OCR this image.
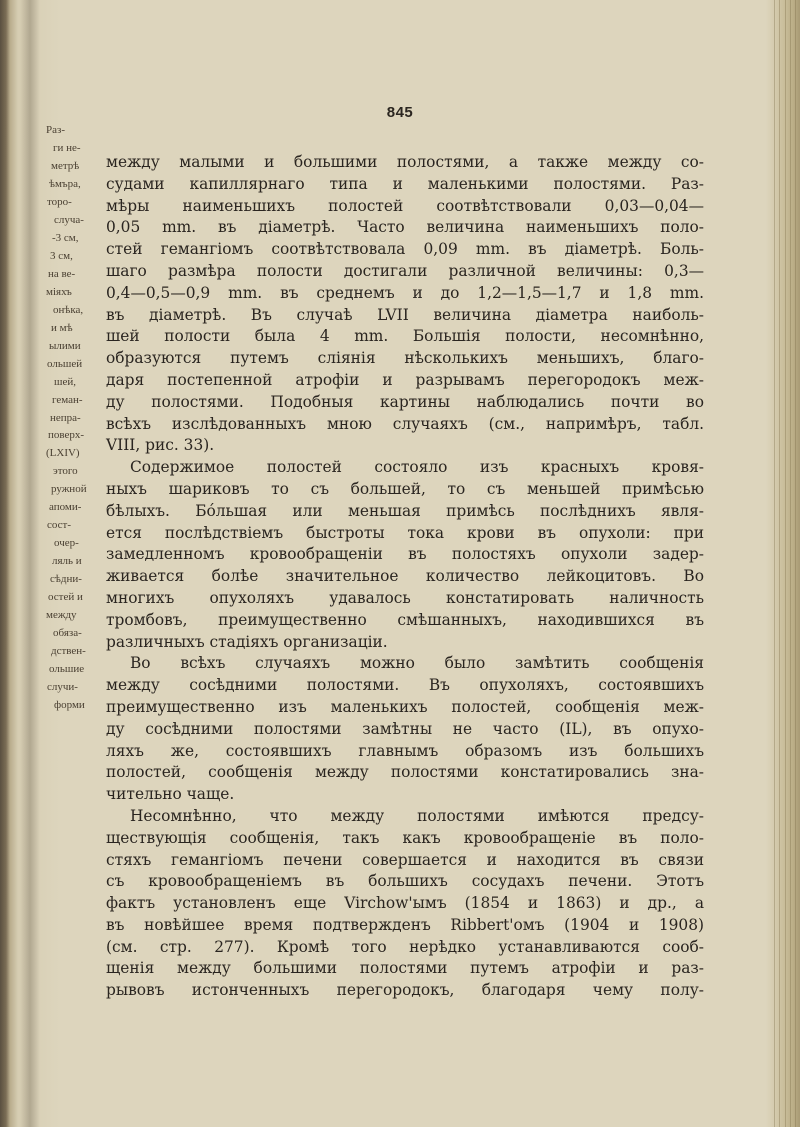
Раз-
ги не-
метрѣ
ѣмъра,
торо-
случа-
-3 см,
3 см,
на ве-
міяхъ
онѣка,
и мѣ
ылими
ольшей
шей,
геман-
непра-
поверх-
(LXIV)
этого
ружной
апоми-
сост-
очер-
ляль и
сѣдни-
остей и
между
обяза-
дствен-
ольшие
случи-
форми
845
между малыми и большими полостями, а также между со-
судами капиллярнаго типа и маленькими полостями. Раз-
мѣры наименьшихъ полостей соотвѣтствовали 0,03—0,04—
0,05 mm. въ діаметрѣ. Часто величина наименьшихъ поло-
стей гемангіомъ соотвѣтствовала 0,09 mm. въ діаметрѣ. Боль-
шаго размѣра полости достигали различной величины: 0,3—
0,4—0,5—0,9 mm. въ среднемъ и до 1,2—1,5—1,7 и 1,8 mm.
въ діаметрѣ. Въ случаѣ LVII величина діаметра наиболь-
шей полости была 4 mm. Большія полости, несомнѣнно,
образуются путемъ сліянія нѣсколькихъ меньшихъ, благо-
даря постепенной атрофіи и разрывамъ перегородокъ меж-
ду полостями. Подобныя картины наблюдались почти во
всѣхъ изслѣдованныхъ мною случаяхъ (см., напримѣръ, табл.
VIII, рис. 33).
Содержимое полостей состояло изъ красныхъ кровя-
ныхъ шариковъ то съ большей, то съ меньшей примѣсью
бѣлыхъ. Бóльшая или меньшая примѣсь послѣднихъ явля-
ется послѣдствіемъ быстроты тока крови въ опухоли: при
замедленномъ кровообращеніи въ полостяхъ опухоли задер-
живается болѣе значительное количество лейкоцитовъ. Во
многихъ опухоляхъ удавалось констатировать наличность
тромбовъ, преимущественно смѣшанныхъ, находившихся въ
различныхъ стадіяхъ организаціи.
Во всѣхъ случаяхъ можно было замѣтить сообщенія
между сосѣдними полостями. Въ опухоляхъ, состоявшихъ
преимущественно изъ маленькихъ полостей, сообщенія меж-
ду сосѣдними полостями замѣтны не часто (IL), въ опухо-
ляхъ же, состоявшихъ главнымъ образомъ изъ большихъ
полостей, сообщенія между полостями констатировались зна-
чительно чаще.
Несомнѣнно, что между полостями имѣются предсу-
ществующія сообщенія, такъ какъ кровообращеніе въ поло-
стяхъ гемангіомъ печени совершается и находится въ связи
съ кровообращеніемъ въ большихъ сосудахъ печени. Этотъ
фактъ установленъ еще Virchow'ымъ (1854 и 1863) и др., а
въ новѣйшее время подтвержденъ Ribbert'омъ (1904 и 1908)
(см. стр. 277). Кромѣ того нерѣдко устанавливаются сооб-
щенія между большими полостями путемъ атрофіи и раз-
рывовъ истонченныхъ перегородокъ, благодаря чему полу-
